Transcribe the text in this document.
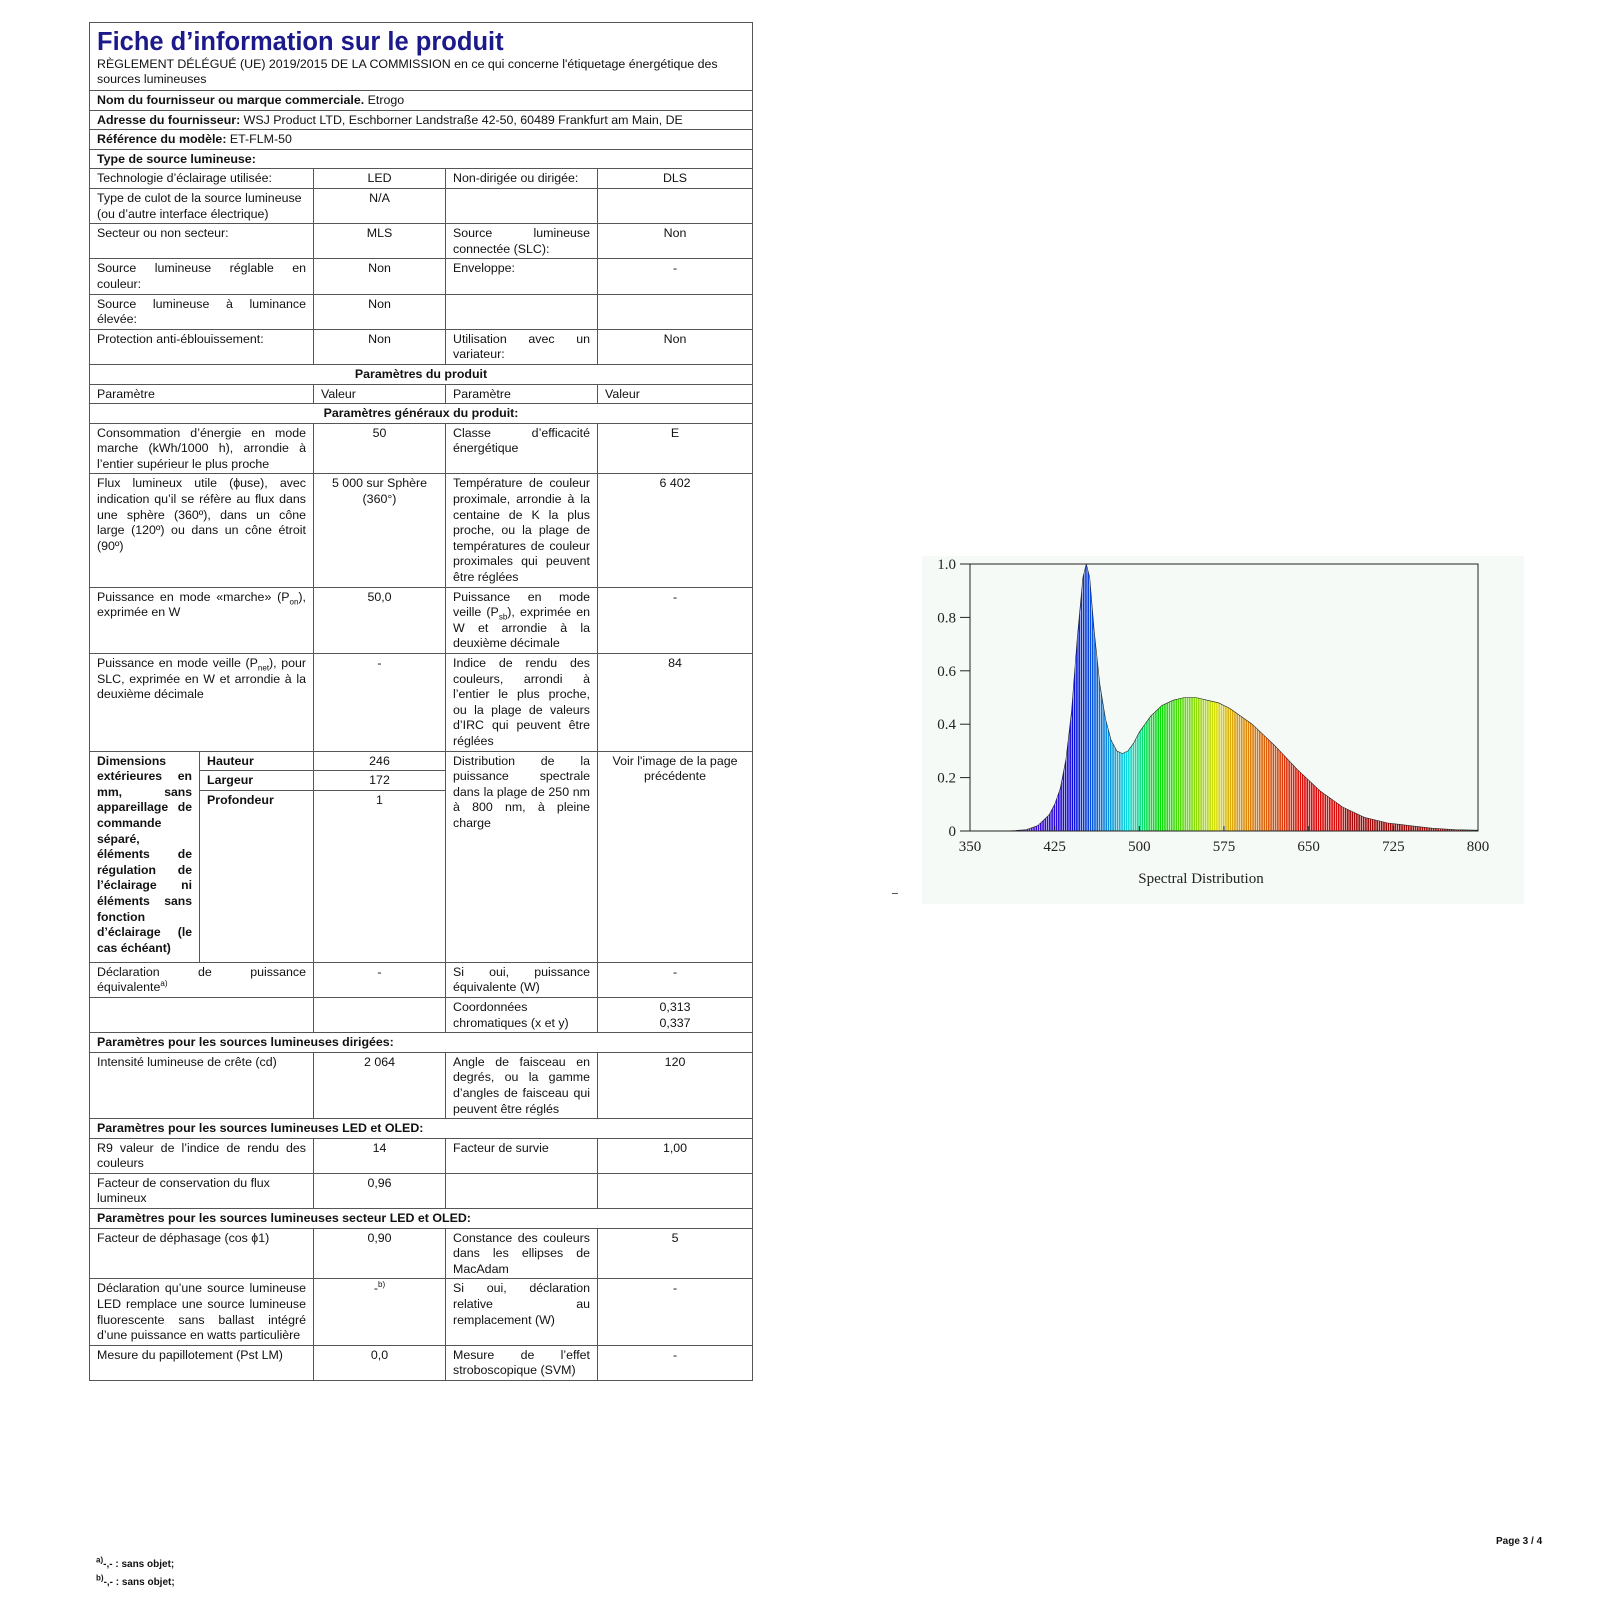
Fiche d’information sur le produit
RÈGLEMENT DÉLÉGUÉ (UE) 2019/2015 DE LA COMMISSION en ce qui concerne l'étiquetage énergétique des sources lumineuses				

Nom du fournisseur ou marque commerciale. Etrogo				
Adresse du fournisseur: WSJ Product LTD, Eschborner Landstraße 42-50, 60489 Frankfurt am Main, DE				
Référence du modèle: ET-FLM-50				
Type de source lumineuse:				
Technologie d’éclairage utilisée:		LED	Non-dirigée ou dirigée:	DLS

Type de culot de la source lumineuse
(ou d’autre interface électrique)		N/A		
Secteur ou non secteur:		MLS	Source lumineuse connectée (SLC):	Non
Source lumineuse réglable en couleur:		Non	Enveloppe:	-
Source lumineuse à luminance élevée:		Non		
Protection anti-éblouissement:		Non	Utilisation avec un variateur:	Non
Paramètres du produit				
Paramètre		Valeur	Paramètre	Valeur
Paramètres généraux du produit:				
Consommation d’énergie en mode marche (kWh/1000 h), arrondie à l’entier supérieur le plus proche		50	Classe d’efficacité énergétique	E
Flux lumineux utile (ϕuse), avec indication qu’il se réfère au flux dans une sphère (360º), dans un cône large (120º) ou dans un cône étroit (90º)		5 000 sur Sphère (360°)	Température de couleur proximale, arrondie à la centaine de K la plus proche, ou la plage de températures de couleur proximales qui peuvent être réglées	6 402
Puissance en mode «marche» $(P_{on})$, exprimée en W		50,0	Puissance en mode veille $(P_{sb})$, exprimée en W et arrondie à la deuxième décimale	-
Puissance en mode veille $(P_{net})$, pour SLC, exprimée en W et arrondie à la deuxième décimale		-	Indice de rendu des couleurs, arrondi à l’entier le plus proche, ou la plage de valeurs d’IRC qui peuvent être réglées	84
Dimensions extérieures en mm, sans appareillage de commande séparé, éléments de régulation de l’éclairage ni éléments sans fonction d’éclairage (le cas échéant)	Hauteur	246	Distribution de la puissance spectrale dans la plage de 250 nm à 800 nm, à pleine charge	Voir l'image de la page précédente
	Largeur	172		
	Profondeur	1		
Déclaration de puissance équivalente$^{a)}$		-	Si oui, puissance équivalente (W)	-
			Coordonnées chromatiques (x et y)	0,313
0,337

Paramètres pour les sources lumineuses dirigées:				
Intensité lumineuse de crête (cd)		2 064	Angle de faisceau en degrés, ou la gamme d’angles de faisceau qui peuvent être réglés	120
Paramètres pour les sources lumineuses LED et OLED:				
R9 valeur de l’indice de rendu des couleurs		14	Facteur de survie	1,00
Facteur de conservation du flux lumineux		0,96		
Paramètres pour les sources lumineuses secteur LED et OLED:				
Facteur de déphasage (cos ϕ1)		0,90	Constance des couleurs dans les ellipses de MacAdam	5
Déclaration qu’une source lumineuse LED remplace une source lumineuse fluorescente sans ballast intégré d’une puissance en watts particulière		-$^{b)}$	Si oui, déclaration relative au remplacement (W)	-
Mesure du papillotement (Pst LM)		0,0	Mesure de l’effet stroboscopique (SVM)	-
$^{a)}$-,- : sans objet;
$^{b)}$-,- : sans objet;
350	425	500	575	650	725	800
0
0.2
0.4
0.6
0.8
1.0
Spectral Distribution
Page 3 / 4
